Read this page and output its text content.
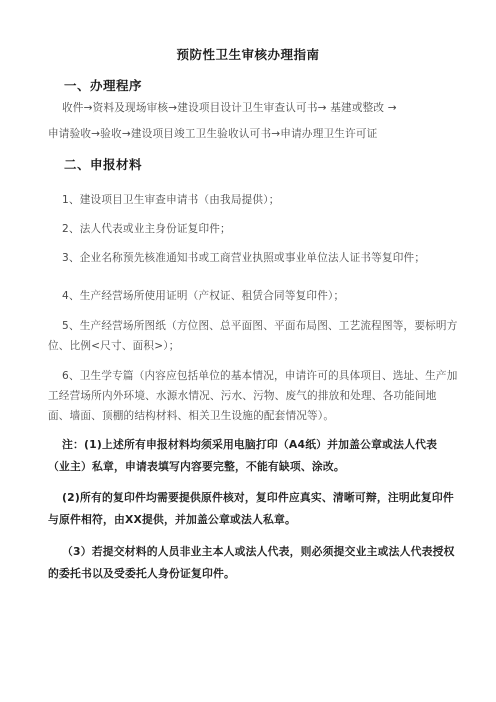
预防性卫生审核办理指南
一、办理程序
收件→资料及现场审核→建设项目设计卫生审查认可书→ 基建或整改 →
申请验收→验收→建设项目竣工卫生验收认可书→申请办理卫生许可证
二、申报材料
1、建设项目卫生审查申请书（由我局提供）；
2、法人代表或业主身份证复印件；
3、企业名称预先核准通知书或工商营业执照或事业单位法人证书等复印件；
4、生产经营场所使用证明（产权证、租赁合同等复印件）；
5、生产经营场所图纸（方位图、总平面图、平面布局图、工艺流程图等，要标明方位、比例<尺寸、面积>）；
6、卫生学专篇（内容应包括单位的基本情况，申请许可的具体项目、选址、生产加工经营场所内外环境、水源水情况、污水、污物、废气的排放和处理、各功能间地面、墙面、顶棚的结构材料、相关卫生设施的配套情况等）。
注：(1)上述所有申报材料均须采用电脑打印（A4纸）并加盖公章或法人代表（业主）私章，申请表填写内容要完整，不能有缺项、涂改。
(2)所有的复印件均需要提供原件核对，复印件应真实、清晰可辩，注明此复印件与原件相符，由XX提供，并加盖公章或法人私章。
（3）若提交材料的人员非业主本人或法人代表，则必须提交业主或法人代表授权的委托书以及受委托人身份证复印件。
